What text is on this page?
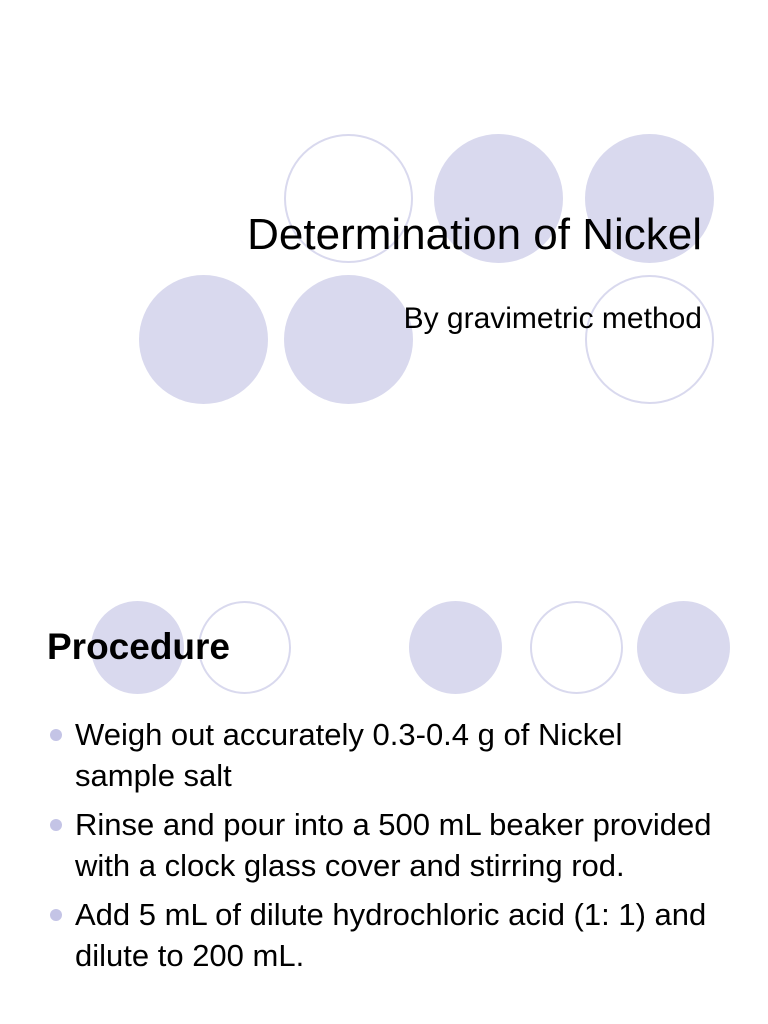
Determination of Nickel

By gravimetric method

Procedure
Weigh out accurately 0.3-0.4 g of Nickel sample salt
Rinse and pour into a 500 mL beaker provided with a clock glass cover and stirring rod.
Add 5 mL of dilute hydrochloric acid (1: 1) and dilute to 200 mL.
